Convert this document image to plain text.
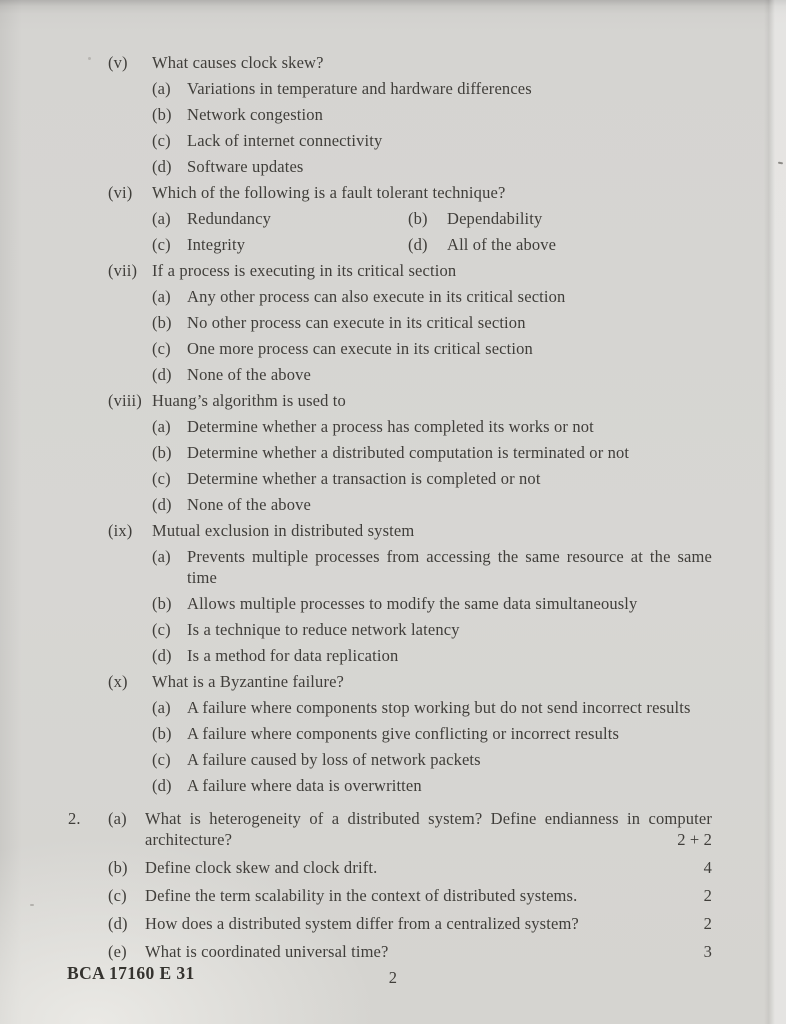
(v)	What causes clock skew?
(a) Variations in temperature and hardware differences
(b) Network congestion
(c) Lack of internet connectivity
(d) Software updates
(vi)	Which of the following is a fault tolerant technique?
(a) Redundancy	(b)	Dependability
(c) Integrity	(d)	All of the above
(vii) If a process is executing in its critical section
(a) Any other process can also execute in its critical section
(b) No other process can execute in its critical section
(c) One more process can execute in its critical section
(d) None of the above
(viii) Huang’s algorithm is used to
(a) Determine whether a process has completed its works or not
(b) Determine whether a distributed computation is terminated or not
(c) Determine whether a transaction is completed or not
(d) None of the above
(ix)	Mutual exclusion in distributed system
(a) Prevents multiple processes from accessing the same resource at the same time
(b) Allows multiple processes to modify the same data simultaneously
(c) Is a technique to reduce network latency
(d) Is a method for data replication
(x)	What is a Byzantine failure?
(a) A failure where components stop working but do not send incorrect results
(b) A failure where components give conflicting or incorrect results
(c) A failure caused by loss of network packets
(d) A failure where data is overwritten
2.	(a)	What is heterogeneity of a distributed system? Define endianness in computer architecture?	2 + 2
(b)	Define clock skew and clock drift.	4
(c)	Define the term scalability in the context of distributed systems.	2
(d)	How does a distributed system differ from a centralized system?	2
(e)	What is coordinated universal time?	3
BCA 17160 E 31	2
